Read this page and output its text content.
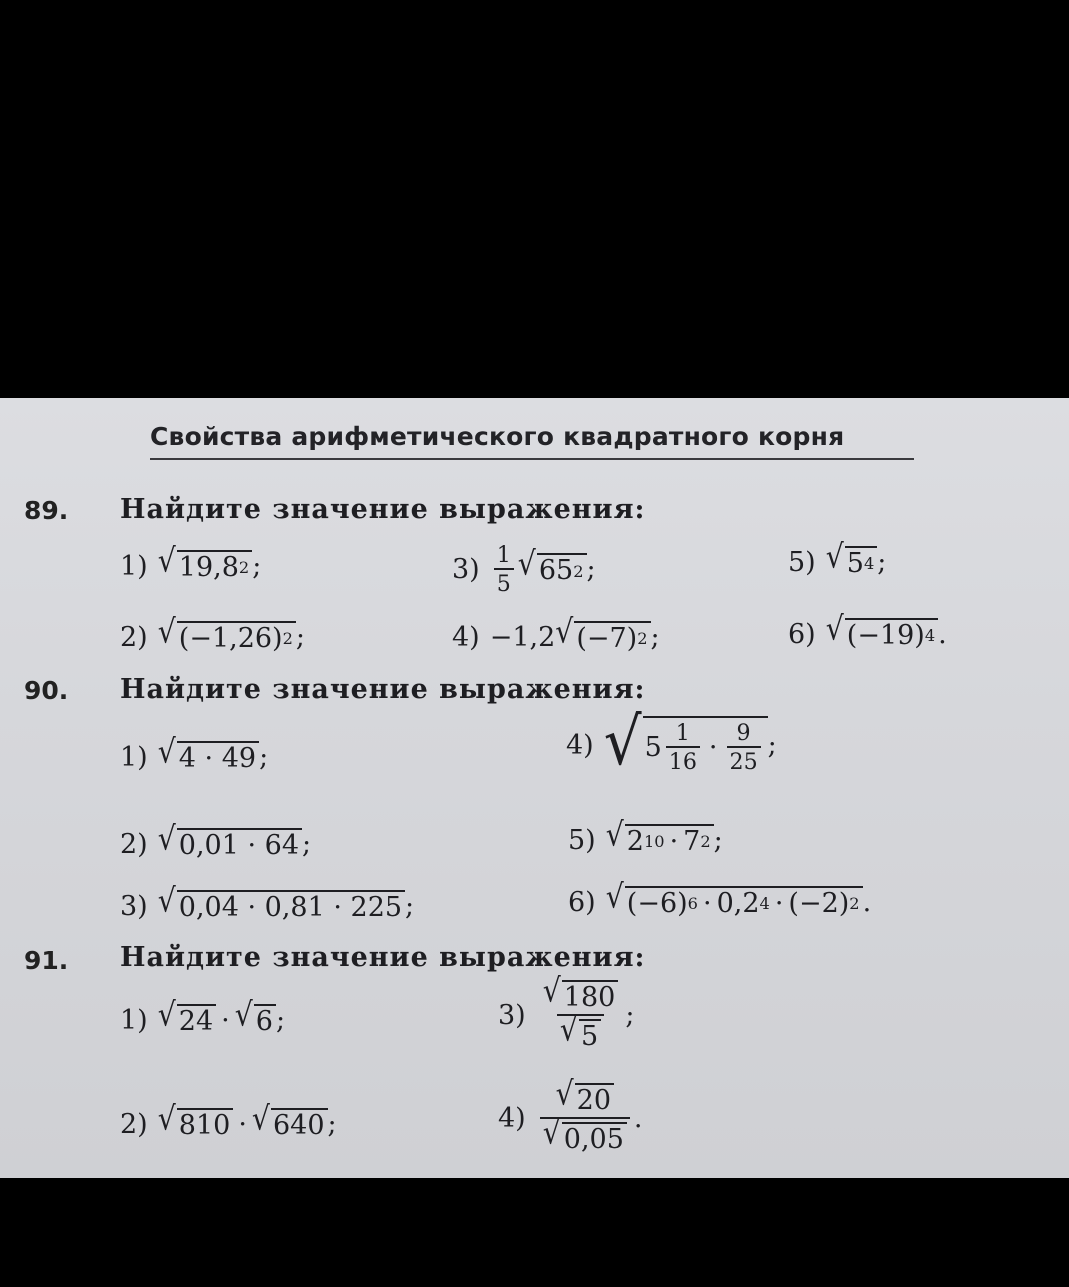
Свойства арифметического квадратного корня
89. Найдите значение выражения:
1) √ 19,8 2 ;
2) √ (−1,26) 2 ;
$3) \frac{1}{5}$ √ 65 2 ;
4) −1,2 √ (−7) 2 ;
5) √ 5 4 ;
6) √ (−19) 4 .
90. Найдите значение выражения:
1) √ 4 · 49 ;
2) √ 0,01 · 64 ;
3) √ 0,04 · 0,81 · 225 ;
4) √ $5 \frac{1}{16} \cdot \frac{9}{25}$ ;
5) √ 2 10 · 7 2 ;
6) √ (−6) 6 · 0,2 4 · (−2) 2 .
91. Найдите значение выражения:
1) √ 24 · √ 6 ;
2) √ 810 · √ 640 ;
$3) \frac{√ 180}{√ 5}$ ;
$4) \frac{√ 20}{√ 0,05}$ .
